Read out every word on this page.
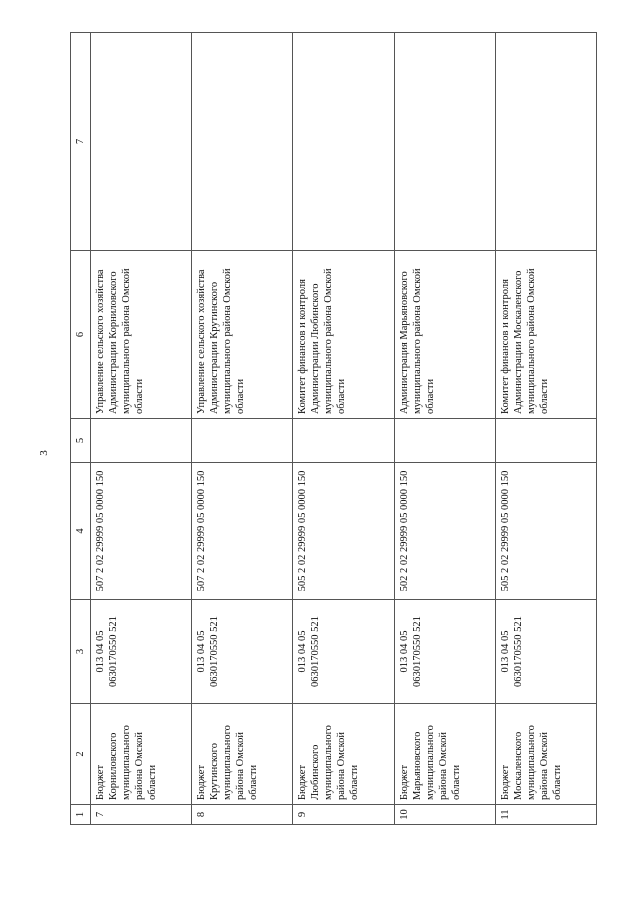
3
1	2	3	4	5	6	7
7	Бюджет Корниловского муниципального района Омской области	013 04 05 0630170550 521	507 2 02 29999 05 0000 150		Управление сельского хозяйства Администрации Корниловского муниципального района Омской области	
8	Бюджет Крутинского муниципального района Омской области	013 04 05 0630170550 521	507 2 02 29999 05 0000 150		Управление сельского хозяйства Администрации Крутинского муниципального района Омской области	
9	Бюджет Любинского муниципального района Омской области	013 04 05 0630170550 521	505 2 02 29999 05 0000 150		Комитет финансов и контроля Администрации Любинского муниципального района Омской области	
10	Бюджет Марьяновского муниципального района Омской области	013 04 05 0630170550 521	502 2 02 29999 05 0000 150		Администрация Марьяновского муниципального района Омской области	
11	Бюджет Москаленского муниципального района Омской области	013 04 05 0630170550 521	505 2 02 29999 05 0000 150		Комитет финансов и контроля Администрации Москаленского муниципального района Омской области	
